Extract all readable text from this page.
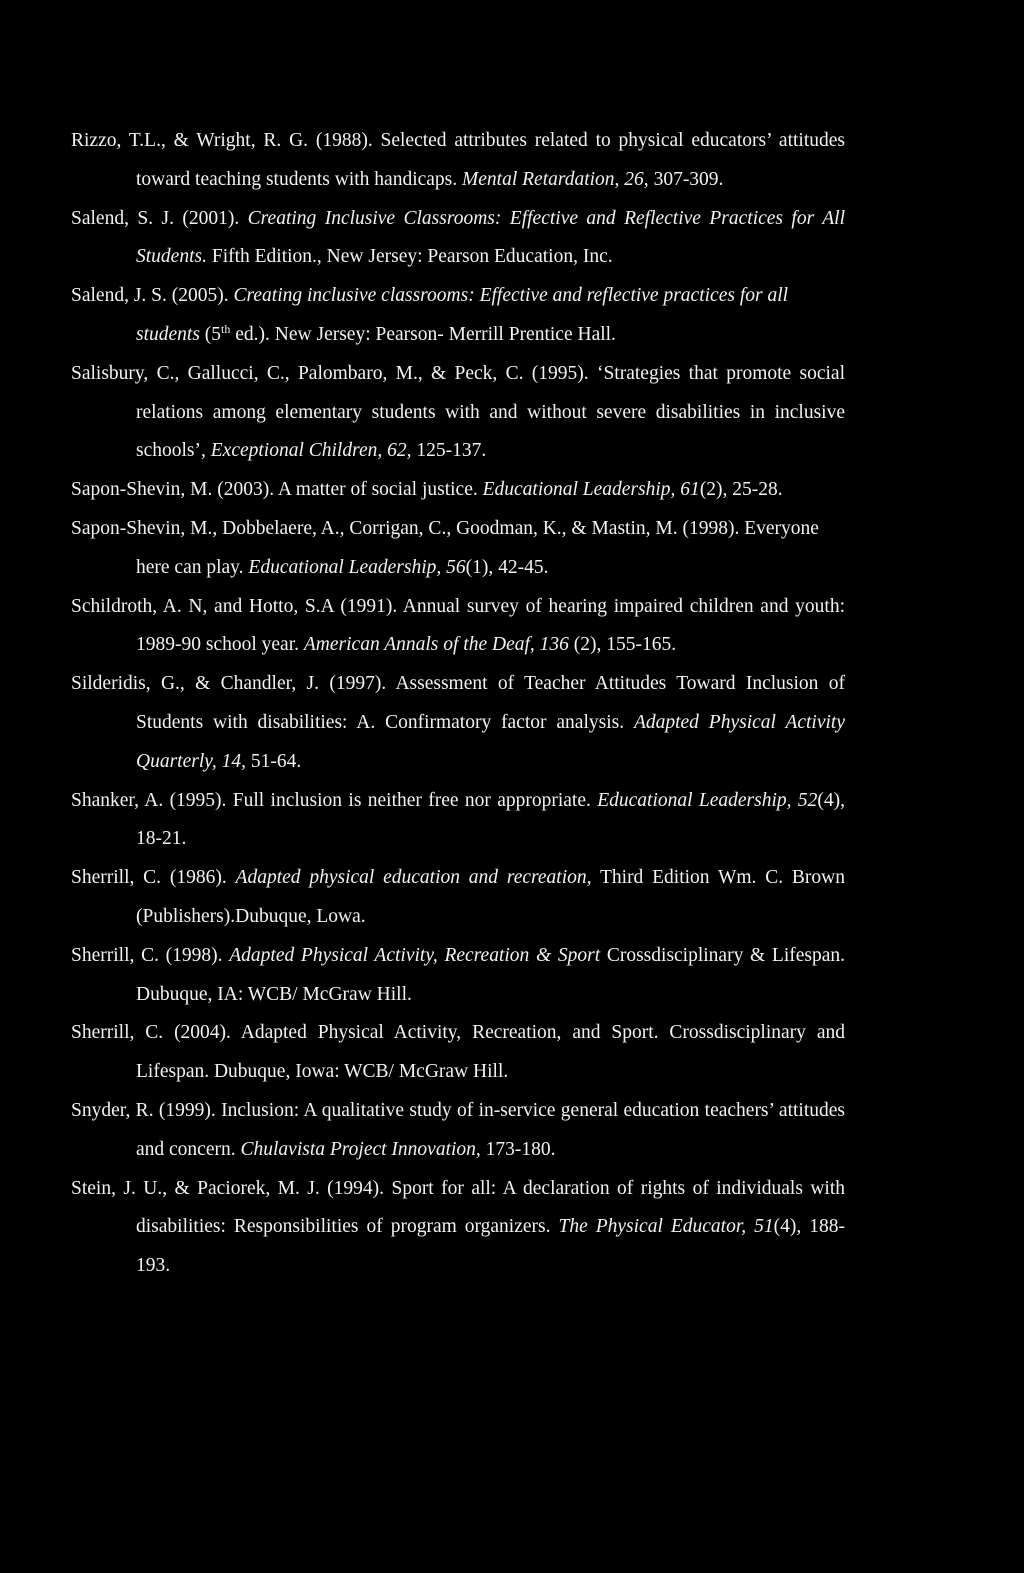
Rizzo, T.L., & Wright, R. G. (1988). Selected attributes related to physical educators’ attitudes toward teaching students with handicaps. Mental Retardation, 26, 307-309.

Salend, S. J. (2001). Creating Inclusive Classrooms: Effective and Reflective Practices for All Students. Fifth Edition., New Jersey: Pearson Education, Inc.

Salend, J. S. (2005). Creating inclusive classrooms: Effective and reflective practices for all students (5th ed.). New Jersey: Pearson- Merrill Prentice Hall.

Salisbury, C., Gallucci, C., Palombaro, M., & Peck, C. (1995). ‘Strategies that promote social relations among elementary students with and without severe disabilities in inclusive schools’, Exceptional Children, 62, 125-137.

Sapon-Shevin, M. (2003). A matter of social justice. Educational Leadership, 61(2), 25-28.

Sapon-Shevin, M., Dobbelaere, A., Corrigan, C., Goodman, K., & Mastin, M. (1998). Everyone here can play. Educational Leadership, 56(1), 42-45.

Schildroth, A. N, and Hotto, S.A (1991). Annual survey of hearing impaired children and youth: 1989-90 school year. American Annals of the Deaf, 136 (2), 155-165.

Silderidis, G., & Chandler, J. (1997). Assessment of Teacher Attitudes Toward Inclusion of Students with disabilities: A. Confirmatory factor analysis. Adapted Physical Activity Quarterly, 14, 51-64.

Shanker, A. (1995). Full inclusion is neither free nor appropriate. Educational Leadership, 52(4), 18-21.

Sherrill, C. (1986). Adapted physical education and recreation, Third Edition Wm. C. Brown (Publishers).Dubuque, Lowa.

Sherrill, C. (1998). Adapted Physical Activity, Recreation & Sport Crossdisciplinary & Lifespan. Dubuque, IA: WCB/ McGraw Hill.

Sherrill, C. (2004). Adapted Physical Activity, Recreation, and Sport. Crossdisciplinary and Lifespan. Dubuque, Iowa: WCB/ McGraw Hill.

Snyder, R. (1999). Inclusion: A qualitative study of in-service general education teachers’ attitudes and concern. Chulavista Project Innovation, 173-180.

Stein, J. U., & Paciorek, M. J. (1994). Sport for all: A declaration of rights of individuals with disabilities: Responsibilities of program organizers. The Physical Educator, 51(4), 188-193.
